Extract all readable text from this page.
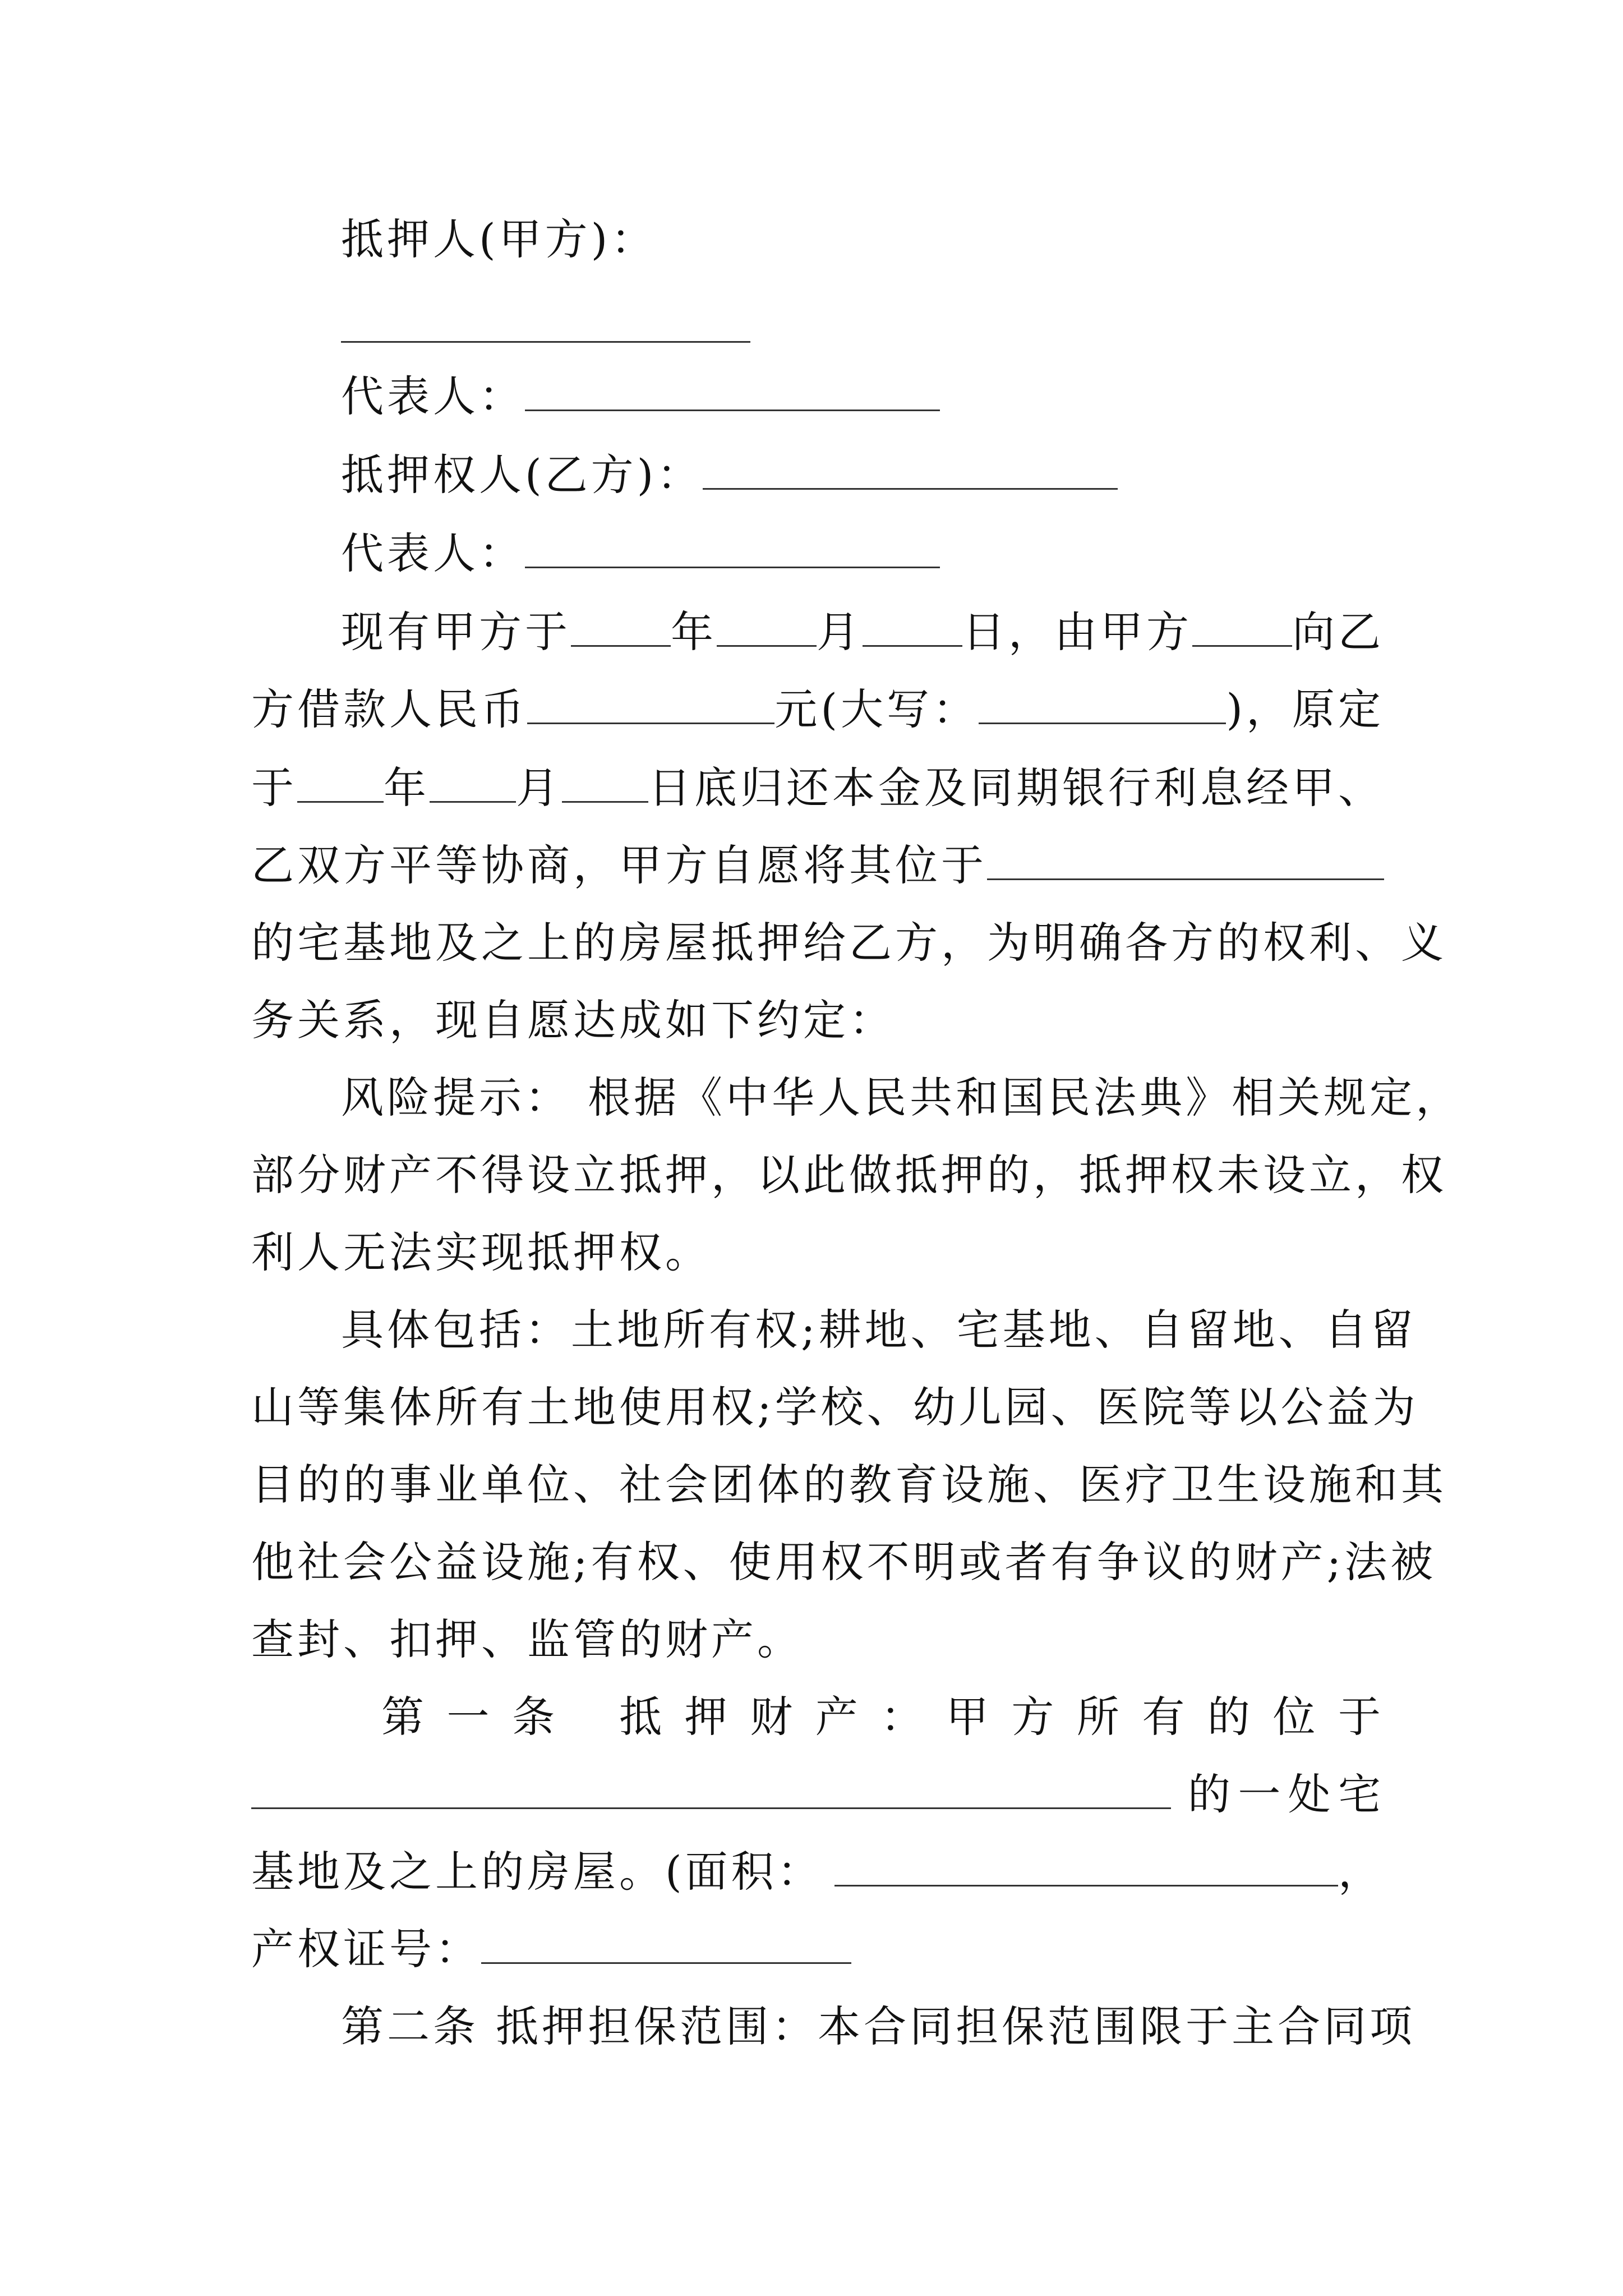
抵押人(甲方)：
代表人：
抵押权人(乙方)：
代表人：
现有甲方于 年 月 日，由甲方 向乙
方借款人民币	元(大写：	)，原定
于 年 月 日底归还本金及同期银行利息经甲、
乙双方平等协商，甲方自愿将其位于
的宅基地及之上的房屋抵押给乙方，为明确各方的权利、义
务关系，现自愿达成如下约定：
风险提示： 根据《中华人民共和国民法典》相关规定，
部分财产不得设立抵押，以此做抵押的，抵押权未设立，权
利人无法实现抵押权。
具体包括：土地所有权;耕地、宅基地、自留地、自留
山等集体所有土地使用权;学校、幼儿园、医院等以公益为
目的的事业单位、社会团体的教育设施、医疗卫生设施和其
他社会公益设施;有权、使用权不明或者有争议的财产;法被
查封、扣押、监管的财产。
第 一 条 抵 押 财 产 ： 甲 方 所 有 的 位 于
的 一 处 宅
基地及之上的房屋。(面积：	，
产权证号：
第二条 抵押担保范围：本合同担保范围限于主合同项
